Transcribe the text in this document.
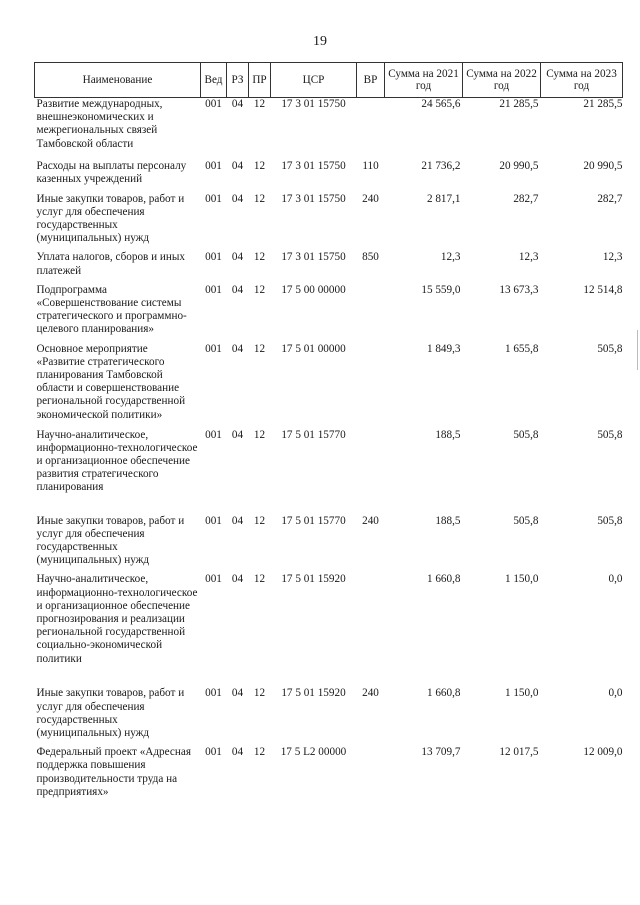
19
Наименование	Вед	РЗ	ПР	ЦСР	ВР	Сумма на 2021 год	Сумма на 2022 год	Сумма на 2023 год
Развитие международных, внешнеэкономических и межрегиональных связей Тамбовской области	001	04	12	17 3 01 15750		24 565,6	21 285,5	21 285,5
Расходы на выплаты персоналу казенных учреждений	001	04	12	17 3 01 15750	110	21 736,2	20 990,5	20 990,5
Иные закупки товаров, работ и услуг для обеспечения государственных (муниципальных) нужд	001	04	12	17 3 01 15750	240	2 817,1	282,7	282,7
Уплата налогов, сборов и иных платежей	001	04	12	17 3 01 15750	850	12,3	12,3	12,3
Подпрограмма «Совершенствование системы стратегического и программно-целевого планирования»	001	04	12	17 5 00 00000		15 559,0	13 673,3	12 514,8
Основное мероприятие «Развитие стратегического планирования Тамбовской области и совершенствование региональной государственной экономической политики»	001	04	12	17 5 01 00000		1 849,3	1 655,8	505,8
Научно-аналитическое, информационно-технологическое и организационное обеспечение развития стратегического планирования	001	04	12	17 5 01 15770		188,5	505,8	505,8
Иные закупки товаров, работ и услуг для обеспечения государственных (муниципальных) нужд	001	04	12	17 5 01 15770	240	188,5	505,8	505,8
Научно-аналитическое, информационно-технологическое и организационное обеспечение прогнозирования и реализации региональной государственной социально-экономической политики	001	04	12	17 5 01 15920		1 660,8	1 150,0	0,0
Иные закупки товаров, работ и услуг для обеспечения государственных (муниципальных) нужд	001	04	12	17 5 01 15920	240	1 660,8	1 150,0	0,0
Федеральный проект «Адресная поддержка повышения производительности труда на предприятиях»	001	04	12	17 5 L2 00000		13 709,7	12 017,5	12 009,0
